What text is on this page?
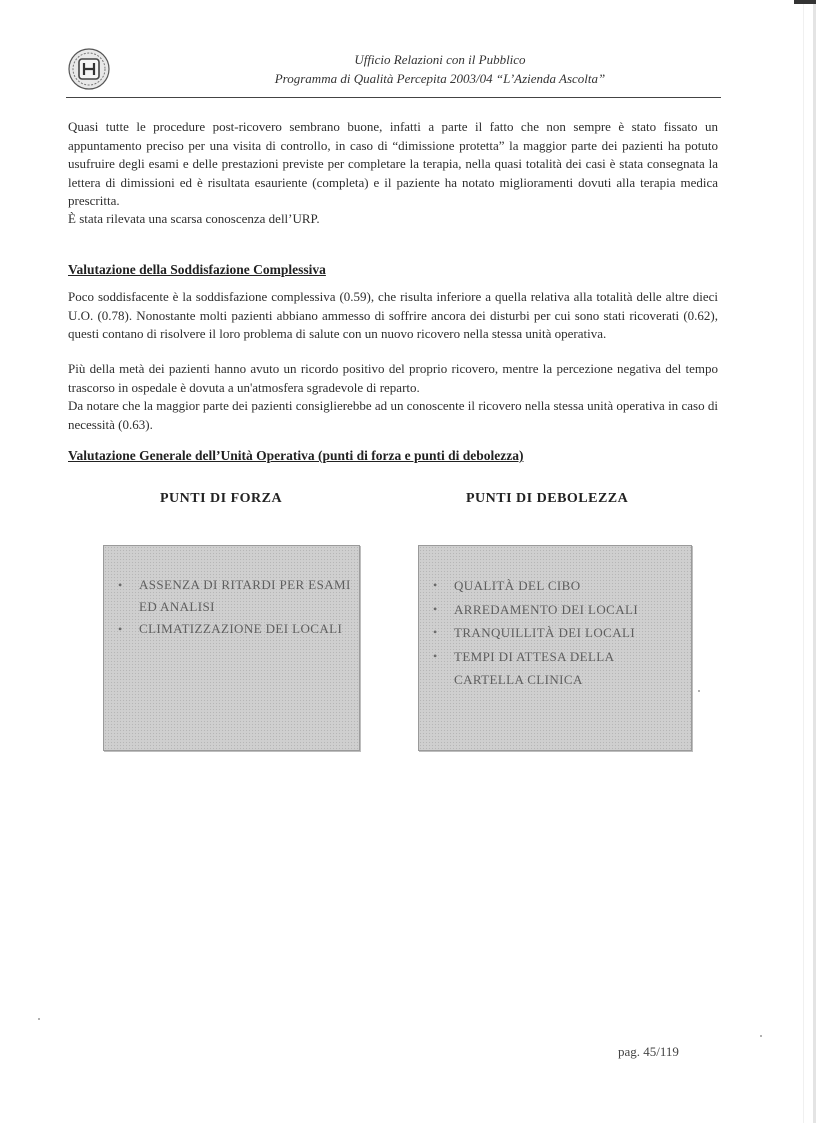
Ufficio Relazioni con il Pubblico
Programma di Qualità Percepita 2003/04 “L’Azienda Ascolta”

Quasi tutte le procedure post-ricovero sembrano buone, infatti a parte il fatto che non sempre è stato fissato un appuntamento preciso per una visita di controllo, in caso di “dimissione protetta” la maggior parte dei pazienti ha potuto usufruire degli esami e delle prestazioni previste per completare la terapia, nella quasi totalità dei casi è stata consegnata la lettera di dimissioni ed è risultata esauriente (completa) e il paziente ha notato miglioramenti dovuti alla terapia medica prescritta.

È stata rilevata una scarsa conoscenza dell’URP.

Valutazione della Soddisfazione Complessiva

Poco soddisfacente è la soddisfazione complessiva (0.59), che risulta inferiore a quella relativa alla totalità delle altre dieci U.O. (0.78). Nonostante molti pazienti abbiano ammesso di soffrire ancora dei disturbi per cui sono stati ricoverati (0.62), questi contano di risolvere il loro problema di salute con un nuovo ricovero nella stessa unità operativa.

Più della metà dei pazienti hanno avuto un ricordo positivo del proprio ricovero, mentre la percezione negativa del tempo trascorso in ospedale è dovuta a un'atmosfera sgradevole di reparto.

Da notare che la maggior parte dei pazienti consiglierebbe ad un conoscente il ricovero nella stessa unità operativa in caso di necessità (0.63).

Valutazione Generale dell’Unità Operativa (punti di forza e punti di debolezza)
PUNTI DI FORZA	PUNTI DI DEBOLEZZA
• ASSENZA DI RITARDI PER ESAMI ED ANALISI
• CLIMATIZZAZIONE DEI LOCALI
• QUALITÀ DEL CIBO
• ARREDAMENTO DEI LOCALI
• TRANQUILLITÀ DEI LOCALI
• TEMPI DI ATTESA DELLA CARTELLA CLINICA
pag. 45/119
